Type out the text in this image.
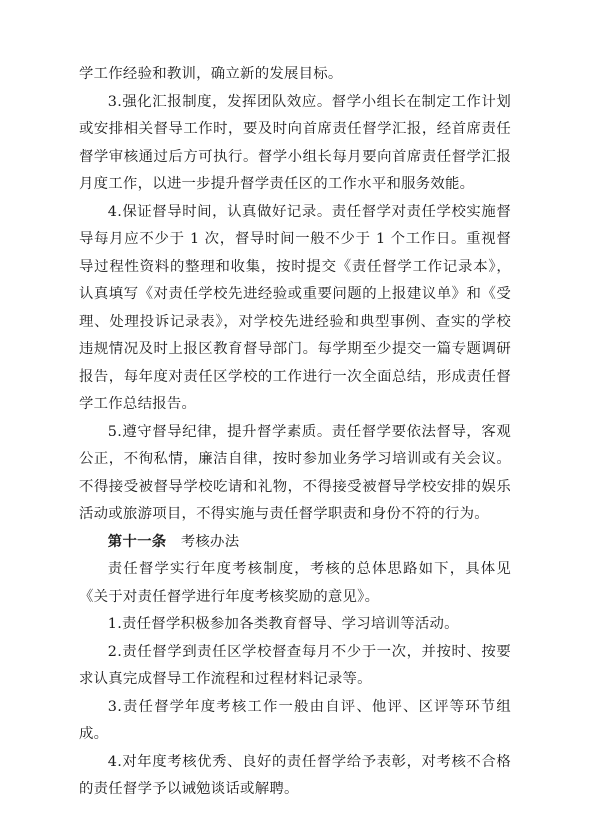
学工作经验和教训，确立新的发展目标。

3.强化汇报制度，发挥团队效应。督学小组长在制定工作计划或安排相关督导工作时，要及时向首席责任督学汇报，经首席责任督学审核通过后方可执行。督学小组长每月要向首席责任督学汇报月度工作，以进一步提升督学责任区的工作水平和服务效能。

4.保证督导时间，认真做好记录。责任督学对责任学校实施督导每月应不少于 1 次，督导时间一般不少于 1 个工作日。重视督导过程性资料的整理和收集，按时提交《责任督学工作记录本》，认真填写《对责任学校先进经验或重要问题的上报建议单》和《受理、处理投诉记录表》，对学校先进经验和典型事例、查实的学校违规情况及时上报区教育督导部门。每学期至少提交一篇专题调研报告，每年度对责任区学校的工作进行一次全面总结，形成责任督学工作总结报告。

5.遵守督导纪律，提升督学素质。责任督学要依法督导，客观公正，不徇私情，廉洁自律，按时参加业务学习培训或有关会议。不得接受被督导学校吃请和礼物，不得接受被督导学校安排的娱乐活动或旅游项目，不得实施与责任督学职责和身份不符的行为。

第十一条 考核办法

责任督学实行年度考核制度，考核的总体思路如下，具体见《关于对责任督学进行年度考核奖励的意见》。

1.责任督学积极参加各类教育督导、学习培训等活动。

2.责任督学到责任区学校督查每月不少于一次，并按时、按要求认真完成督导工作流程和过程材料记录等。

3.责任督学年度考核工作一般由自评、他评、区评等环节组成。

4.对年度考核优秀、良好的责任督学给予表彰，对考核不合格的责任督学予以诫勉谈话或解聘。
